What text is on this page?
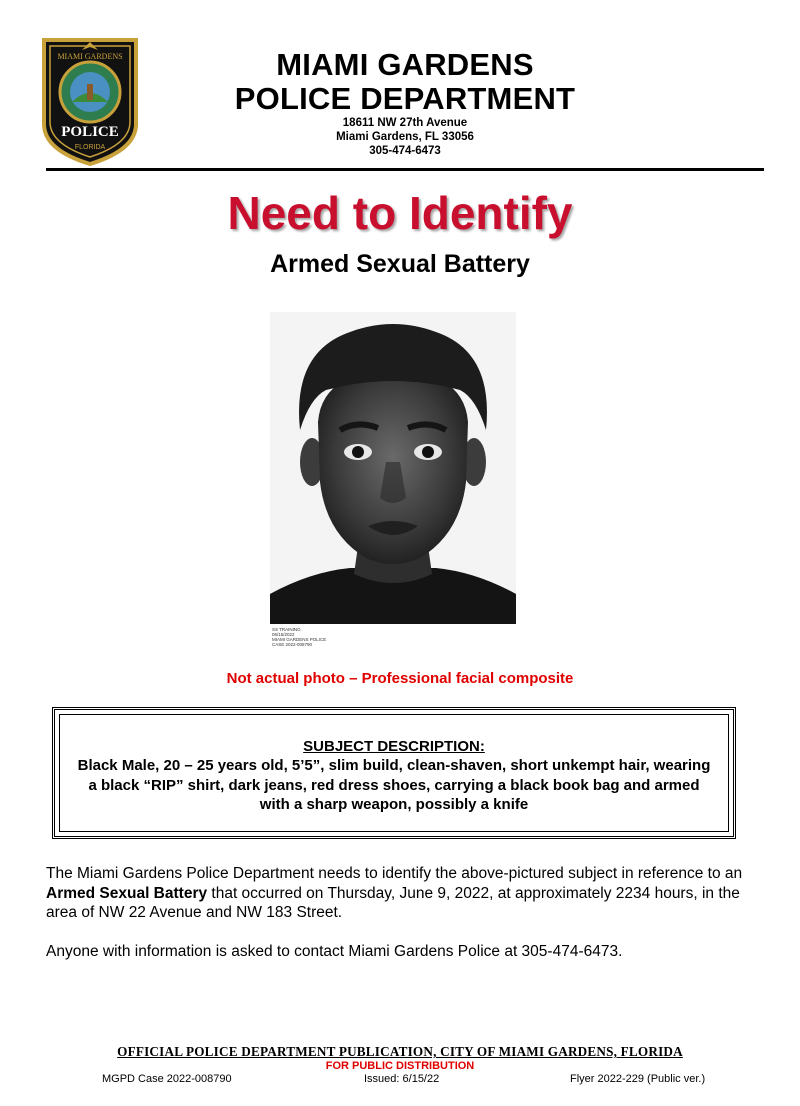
MIAMI GARDENS
POLICE
FLORIDA
MIAMI GARDENS
POLICE DEPARTMENT
18611 NW 27th Avenue
Miami Gardens, FL 33056
305-474-6473
Need to Identify
Armed Sexual Battery
SS TRAINING
06/15/2022
MIAMI GARDENS POLICE
CASE 2022-008790
Not actual photo – Professional facial composite
SUBJECT DESCRIPTION:
Black Male, 20 – 25 years old, 5’5”, slim build, clean-shaven, short unkempt hair, wearing a black “RIP” shirt, dark jeans, red dress shoes, carrying a black book bag and armed with a sharp weapon, possibly a knife
The Miami Gardens Police Department needs to identify the above-pictured subject in reference to an Armed Sexual Battery that occurred on Thursday, June 9, 2022, at approximately 2234 hours, in the area of NW 22 Avenue and NW 183 Street.
Anyone with information is asked to contact Miami Gardens Police at 305-474-6473.
OFFICIAL POLICE DEPARTMENT PUBLICATION, CITY OF MIAMI GARDENS, FLORIDA
FOR PUBLIC DISTRIBUTION
MGPD Case 2022-008790	Issued: 6/15/22	Flyer 2022-229 (Public ver.)
